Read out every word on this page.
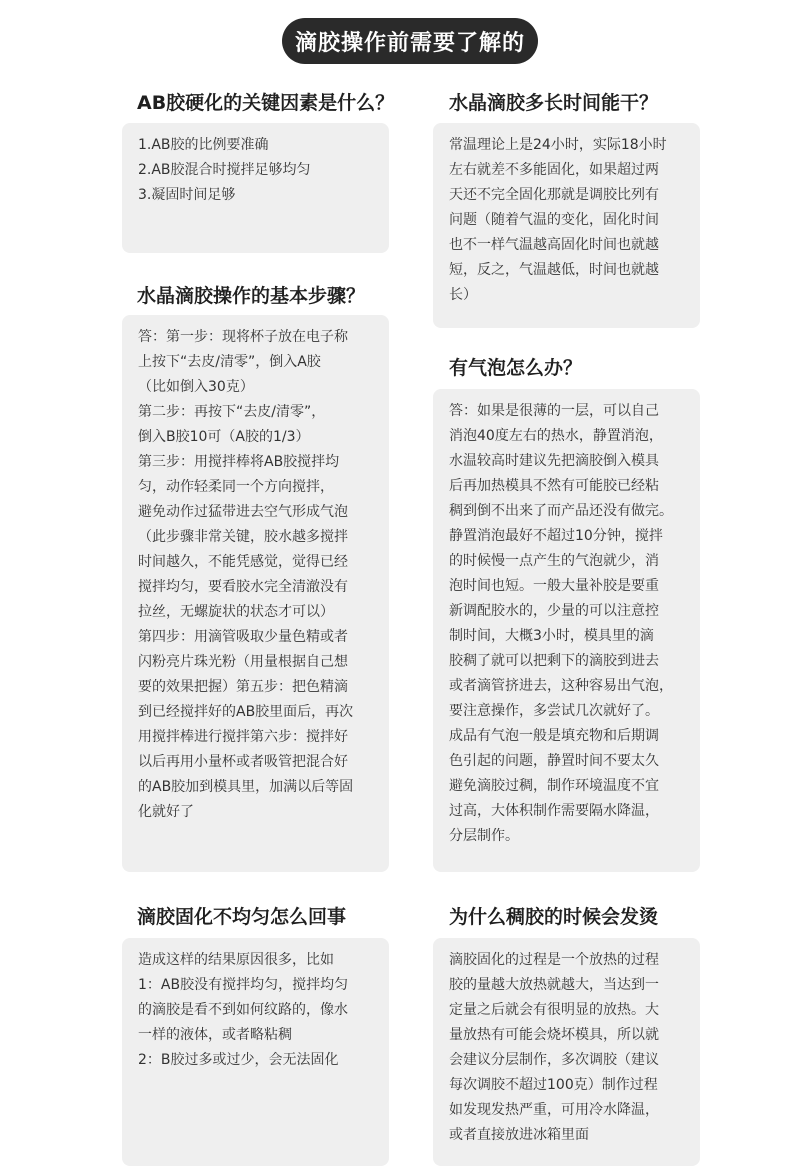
滴胶操作前需要了解的
AB胶硬化的关键因素是什么？
1.AB胶的比例要准确
2.AB胶混合时搅拌足够均匀
3.凝固时间足够
水晶滴胶多长时间能干？
常温理论上是24小时，实际18小时
左右就差不多能固化，如果超过两
天还不完全固化那就是调胶比列有
问题（随着气温的变化，固化时间
也不一样气温越高固化时间也就越
短，反之，气温越低，时间也就越
长）
水晶滴胶操作的基本步骤？
答：第一步：现将杯子放在电子称
上按下“去皮/清零”，倒入A胶
（比如倒入30克）
第二步：再按下“去皮/清零”，
倒入B胶10可（A胶的1/3）
第三步：用搅拌棒将AB胶搅拌均
匀，动作轻柔同一个方向搅拌，
避免动作过猛带进去空气形成气泡
（此步骤非常关键，胶水越多搅拌
时间越久，不能凭感觉，觉得已经
搅拌均匀，要看胶水完全清澈没有
拉丝，无螺旋状的状态才可以）
第四步：用滴管吸取少量色精或者
闪粉亮片珠光粉（用量根据自己想
要的效果把握）第五步：把色精滴
到已经搅拌好的AB胶里面后，再次
用搅拌棒进行搅拌第六步：搅拌好
以后再用小量杯或者吸管把混合好
的AB胶加到模具里，加满以后等固
化就好了
有气泡怎么办？
答：如果是很薄的一层，可以自己
消泡40度左右的热水，静置消泡，
水温较高时建议先把滴胶倒入模具
后再加热模具不然有可能胶已经粘
稠到倒不出来了而产品还没有做完。
静置消泡最好不超过10分钟，搅拌
的时候慢一点产生的气泡就少，消
泡时间也短。一般大量补胶是要重
新调配胶水的，少量的可以注意控
制时间，大概3小时，模具里的滴
胶稠了就可以把剩下的滴胶到进去
或者滴管挤进去，这种容易出气泡，
要注意操作，多尝试几次就好了。
成品有气泡一般是填充物和后期调
色引起的问题，静置时间不要太久
避免滴胶过稠，制作环境温度不宜
过高，大体积制作需要隔水降温，
分层制作。
滴胶固化不均匀怎么回事
造成这样的结果原因很多，比如
1：AB胶没有搅拌均匀，搅拌均匀
的滴胶是看不到如何纹路的，像水
一样的液体，或者略粘稠
2：B胶过多或过少，会无法固化
为什么稠胶的时候会发烫
滴胶固化的过程是一个放热的过程
胶的量越大放热就越大，当达到一
定量之后就会有很明显的放热。大
量放热有可能会烧坏模具，所以就
会建议分层制作，多次调胶（建议
每次调胶不超过100克）制作过程
如发现发热严重，可用冷水降温，
或者直接放进冰箱里面
